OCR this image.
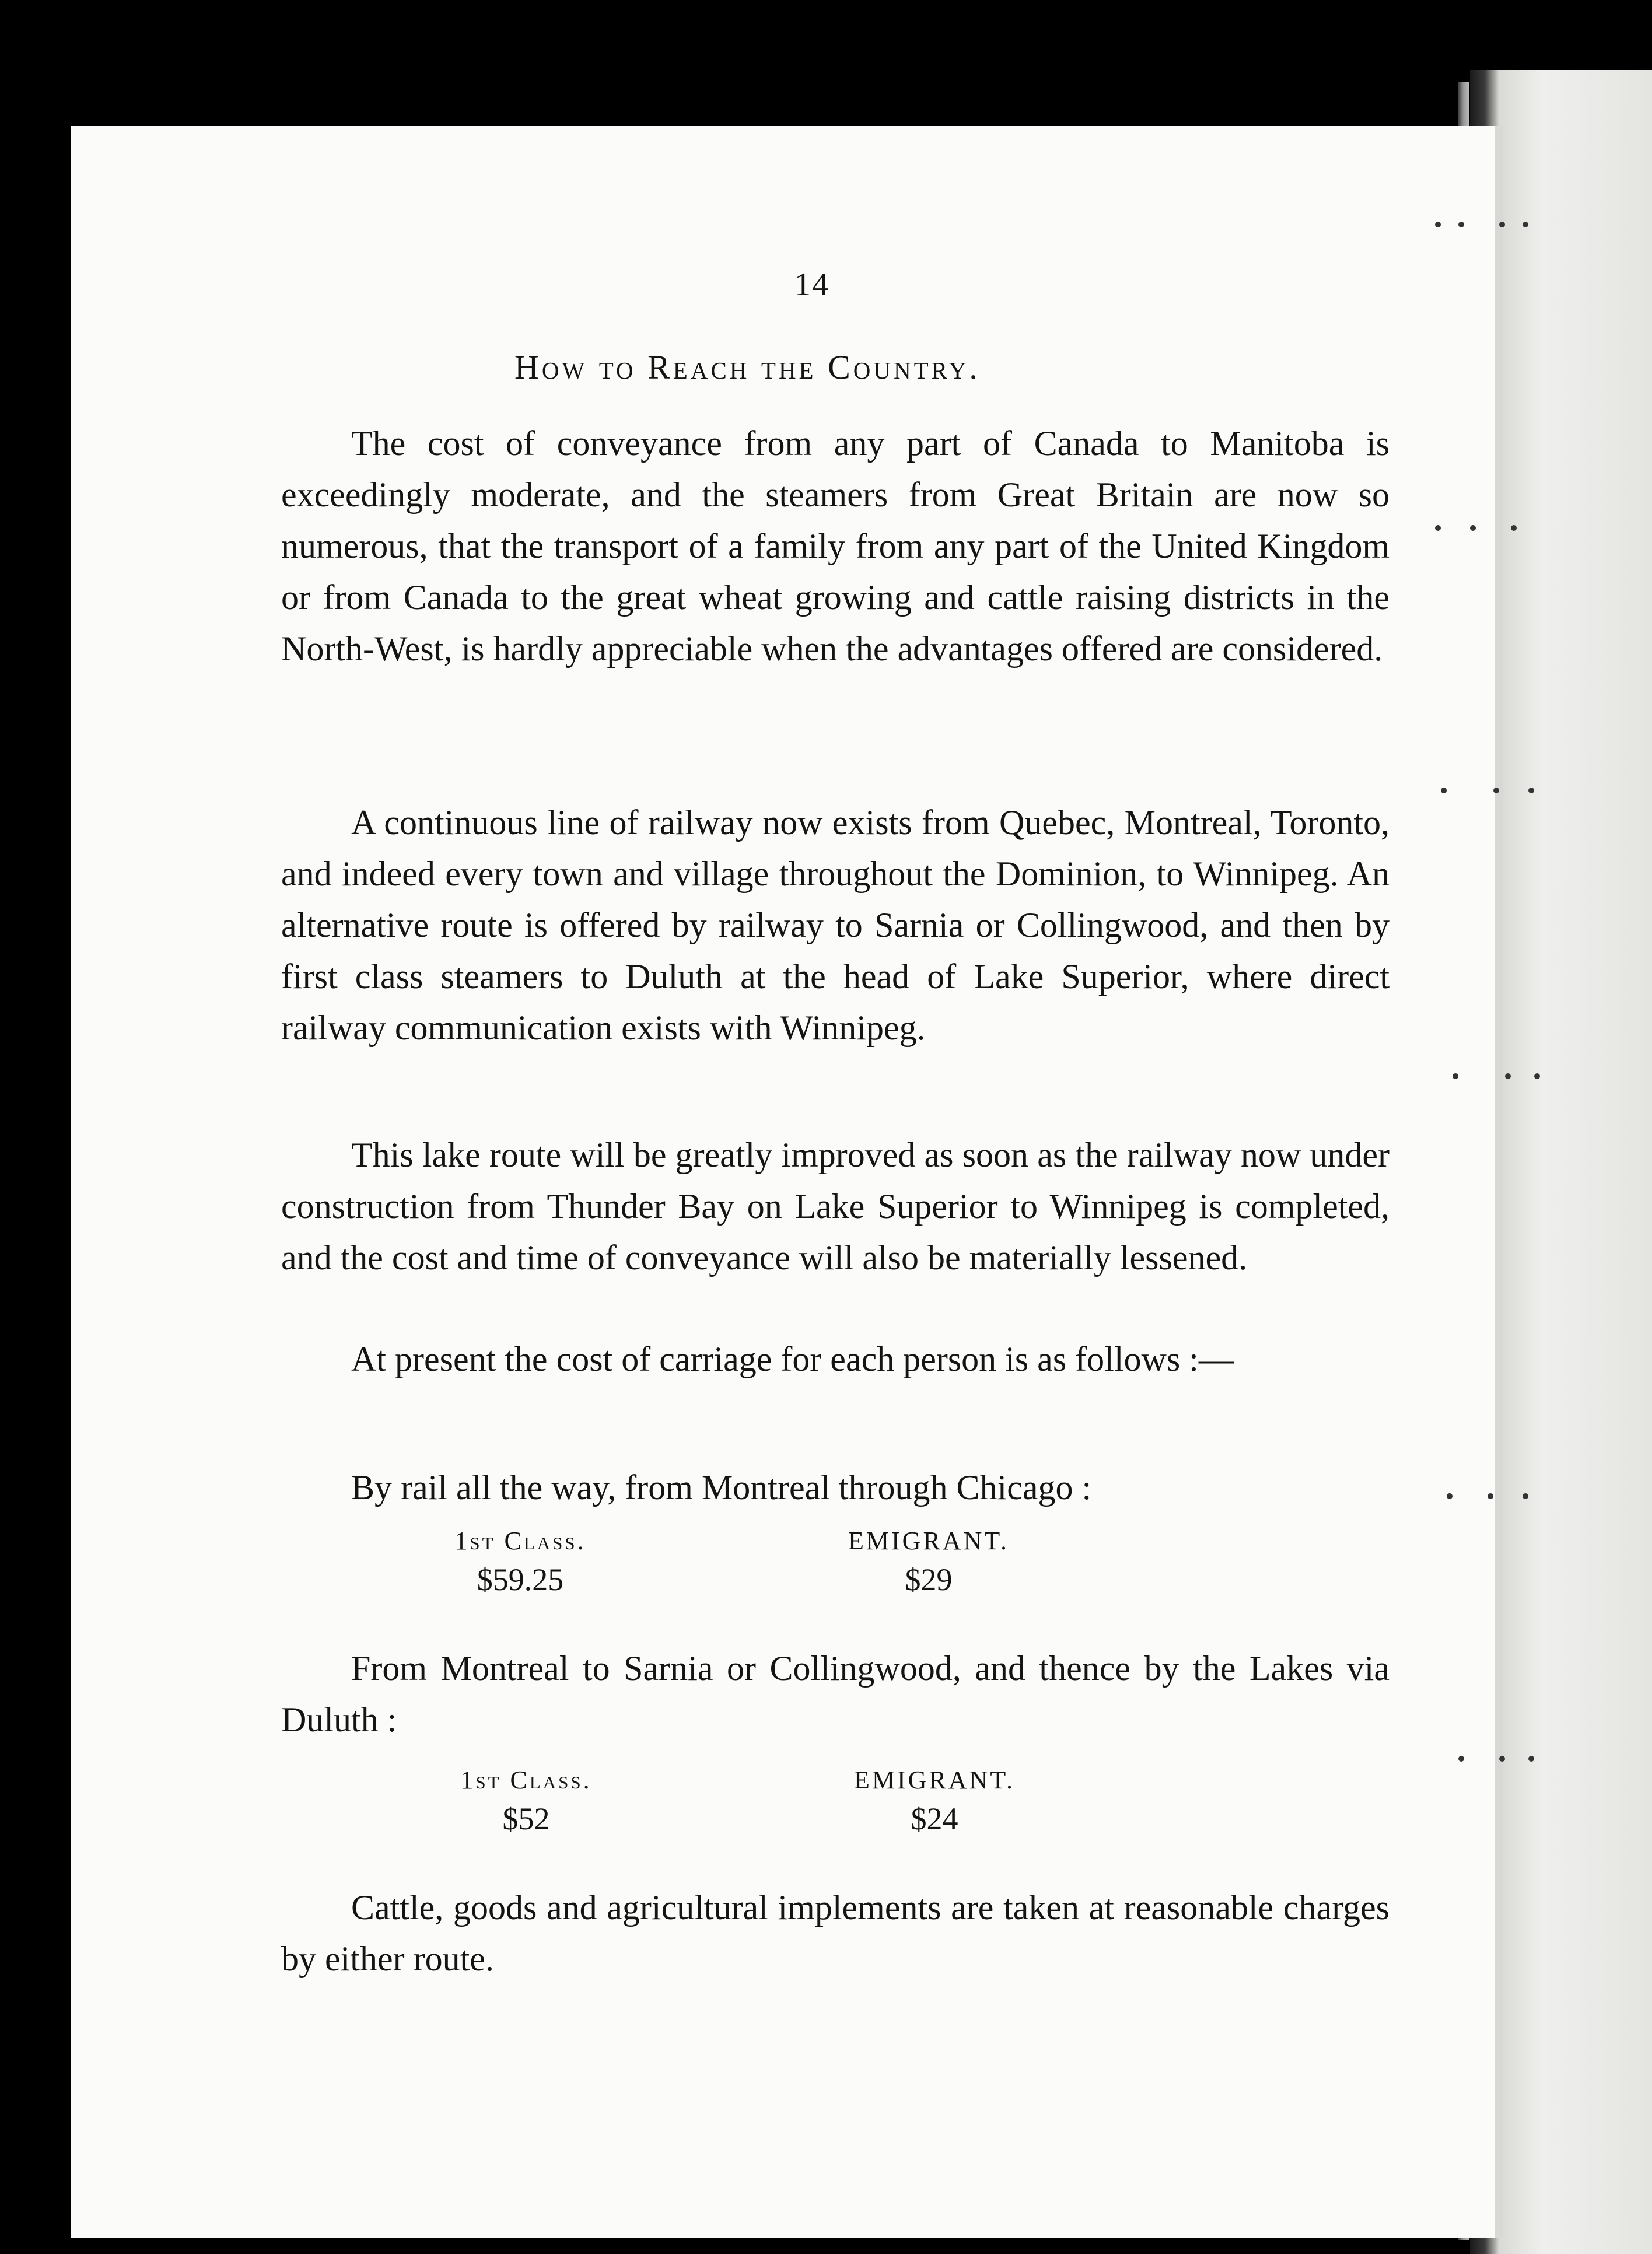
14
How to Reach the Country.

The cost of conveyance from any part of Canada to Manitoba is exceedingly moderate, and the steamers from Great Britain are now so numerous, that the transport of a family from any part of the United Kingdom or from Canada to the great wheat growing and cattle raising districts in the North-West, is hardly appreciable when the advantages offered are considered.

A continuous line of railway now exists from Quebec, Montreal, Toronto, and indeed every town and village throughout the Dominion, to Winnipeg. An alternative route is offered by railway to Sarnia or Collingwood, and then by first class steamers to Duluth at the head of Lake Superior, where direct railway communication exists with Winnipeg.

This lake route will be greatly improved as soon as the railway now under construction from Thunder Bay on Lake Superior to Winnipeg is completed, and the cost and time of conveyance will also be materially lessened.

At present the cost of carriage for each person is as follows :—

By rail all the way, from Montreal through Chicago :

1st Class.
$59.25
EMIGRANT.
$29

From Montreal to Sarnia or Collingwood, and thence by the Lakes via Duluth :

1st Class.
$52
EMIGRANT.
$24

Cattle, goods and agricultural implements are taken at reasonable charges by either route.
